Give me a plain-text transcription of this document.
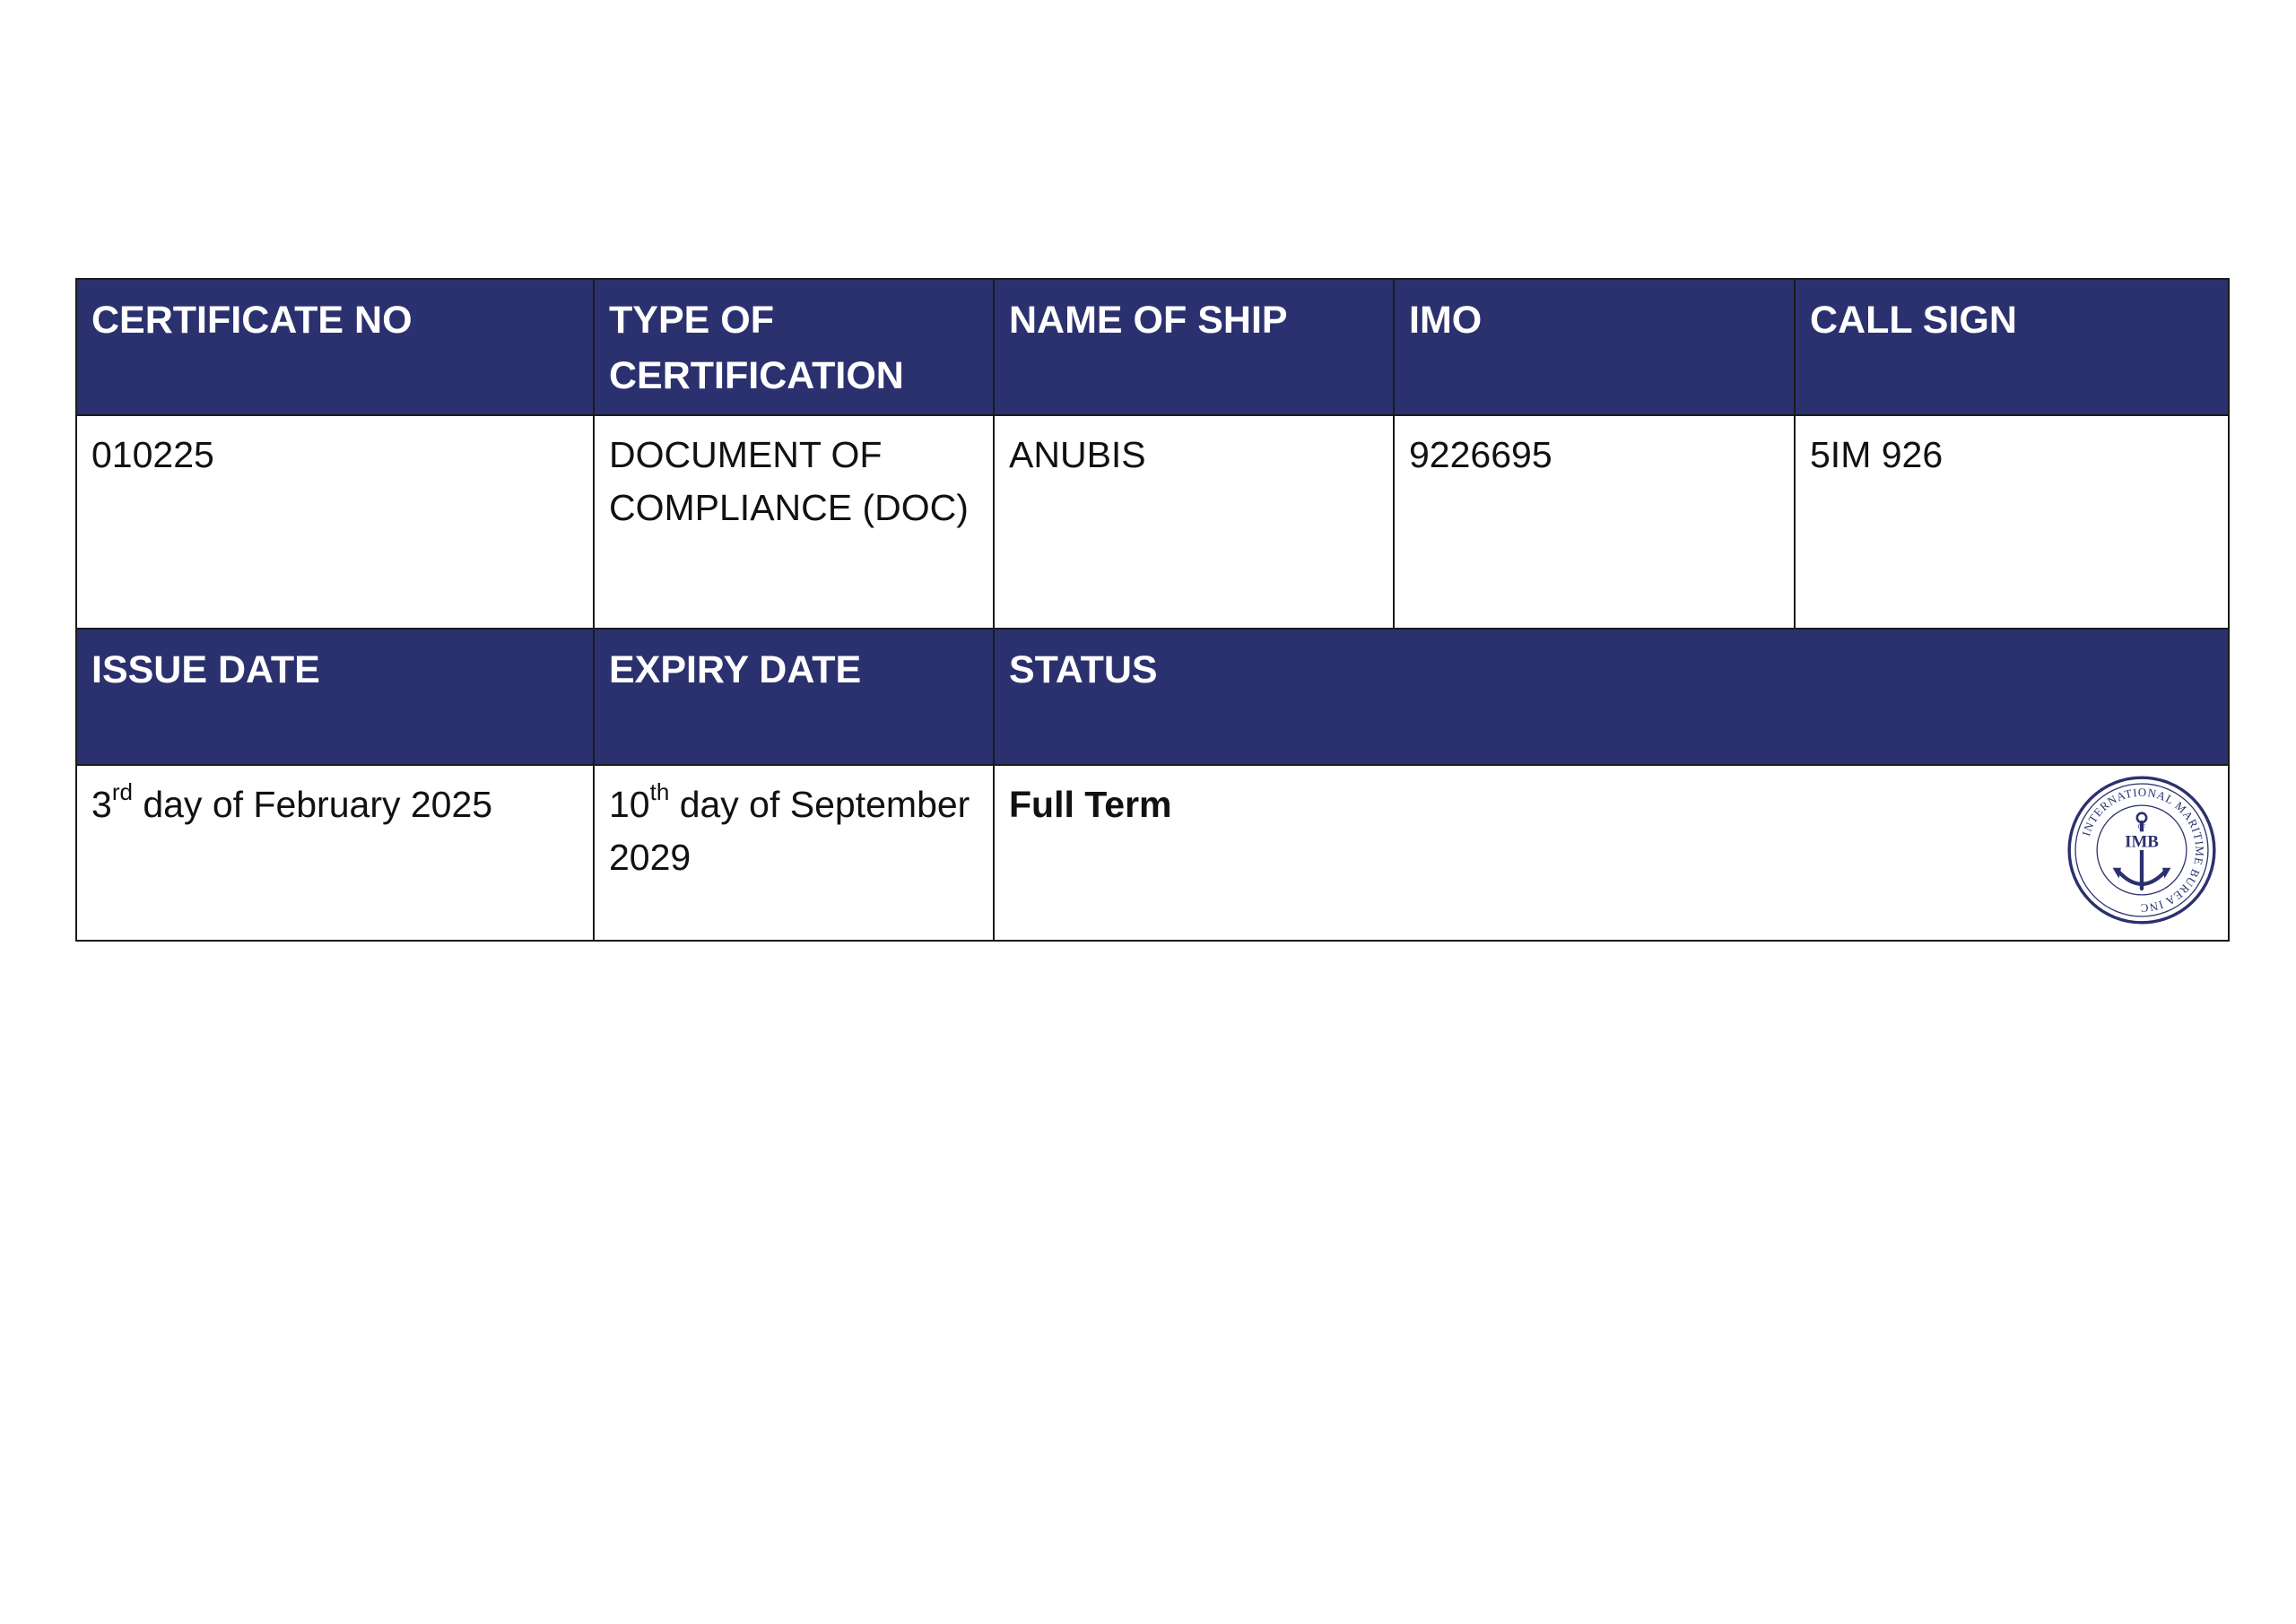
CERTIFICATE NO	TYPE OF CERTIFICATION	NAME OF SHIP	IMO	CALL SIGN
010225	DOCUMENT OF COMPLIANCE (DOC)	ANUBIS	9226695	5IM 926
ISSUE DATE	EXPIRY DATE	STATUS		
3rd day of February 2025	10th day of September 2029	Full Term
INTERNATIONAL MARITIME BUREA INC
OF
IMB		
